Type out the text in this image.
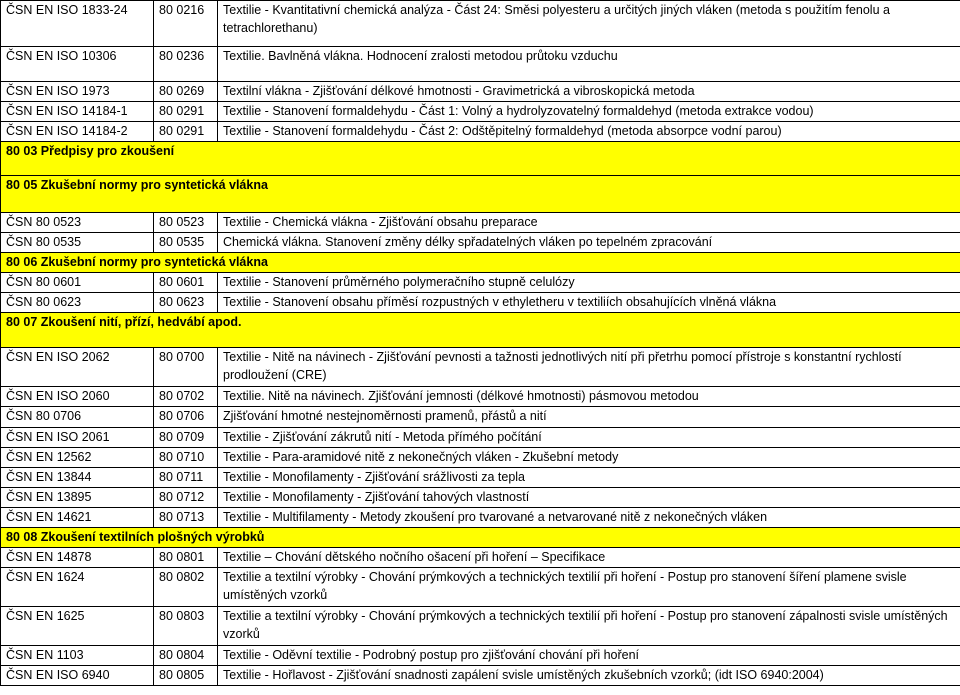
ČSN EN ISO 1833-24	80 0216	Textilie - Kvantitativní chemická analýza - Část 24: Směsi polyesteru a určitých jiných vláken (metoda s použitím fenolu a tetrachlorethanu)
ČSN EN ISO 10306	80 0236	Textilie. Bavlněná vlákna. Hodnocení zralosti metodou průtoku vzduchu
ČSN EN ISO 1973	80 0269	Textilní vlákna - Zjišťování délkové hmotnosti - Gravimetrická a vibroskopická metoda
ČSN EN ISO 14184-1	80 0291	Textilie - Stanovení formaldehydu - Část 1: Volný a hydrolyzovatelný formaldehyd (metoda extrakce vodou)
ČSN EN ISO 14184-2	80 0291	Textilie - Stanovení formaldehydu - Část 2: Odštěpitelný formaldehyd (metoda absorpce vodní parou)
80 03 Předpisy pro zkoušení		
80 05 Zkušební normy pro syntetická vlákna		
ČSN 80 0523	80 0523	Textilie - Chemická vlákna - Zjišťování obsahu preparace
ČSN 80 0535	80 0535	Chemická vlákna. Stanovení změny délky spřadatelných vláken po tepelném zpracování
80 06 Zkušební normy pro syntetická vlákna		
ČSN 80 0601	80 0601	Textilie - Stanovení průměrného polymeračního stupně celulózy
ČSN 80 0623	80 0623	Textilie - Stanovení obsahu příměsí rozpustných v ethyletheru v textiliích obsahujících vlněná vlákna
80 07 Zkoušení nití, přízí, hedvábí apod.		
ČSN EN ISO 2062	80 0700	Textilie - Nitě na návinech - Zjišťování pevnosti a tažnosti jednotlivých nití při přetrhu pomocí přístroje s konstantní rychlostí prodloužení (CRE)
ČSN EN ISO 2060	80 0702	Textilie. Nitě na návinech. Zjišťování jemnosti (délkové hmotnosti) pásmovou metodou
ČSN 80 0706	80 0706	Zjišťování hmotné nestejnoměrnosti pramenů, přástů a nití
ČSN EN ISO 2061	80 0709	Textilie - Zjišťování zákrutů nití - Metoda přímého počítání
ČSN EN 12562	80 0710	Textilie - Para-aramidové nitě z nekonečných vláken - Zkušební metody
ČSN EN 13844	80 0711	Textilie - Monofilamenty - Zjišťování srážlivosti za tepla
ČSN EN 13895	80 0712	Textilie - Monofilamenty - Zjišťování tahových vlastností
ČSN EN 14621	80 0713	Textilie - Multifilamenty - Metody zkoušení pro tvarované a netvarované nitě z nekonečných vláken
80 08 Zkoušení textilních plošných výrobků		
ČSN EN 14878	80 0801	Textilie – Chování dětského nočního ošacení při hoření – Specifikace
ČSN EN 1624	80 0802	Textilie a textilní výrobky - Chování prýmkových a technických textilií při hoření - Postup pro stanovení šíření plamene svisle umístěných vzorků
ČSN EN 1625	80 0803	Textilie a textilní výrobky - Chování prýmkových a technických textilií při hoření - Postup pro stanovení zápalnosti svisle umístěných vzorků
ČSN EN 1103	80 0804	Textilie - Oděvní textilie - Podrobný postup pro zjišťování chování při hoření
ČSN EN ISO 6940	80 0805	Textilie - Hořlavost - Zjišťování snadnosti zapálení svisle umístěných zkušebních vzorků; (idt ISO 6940:2004)
